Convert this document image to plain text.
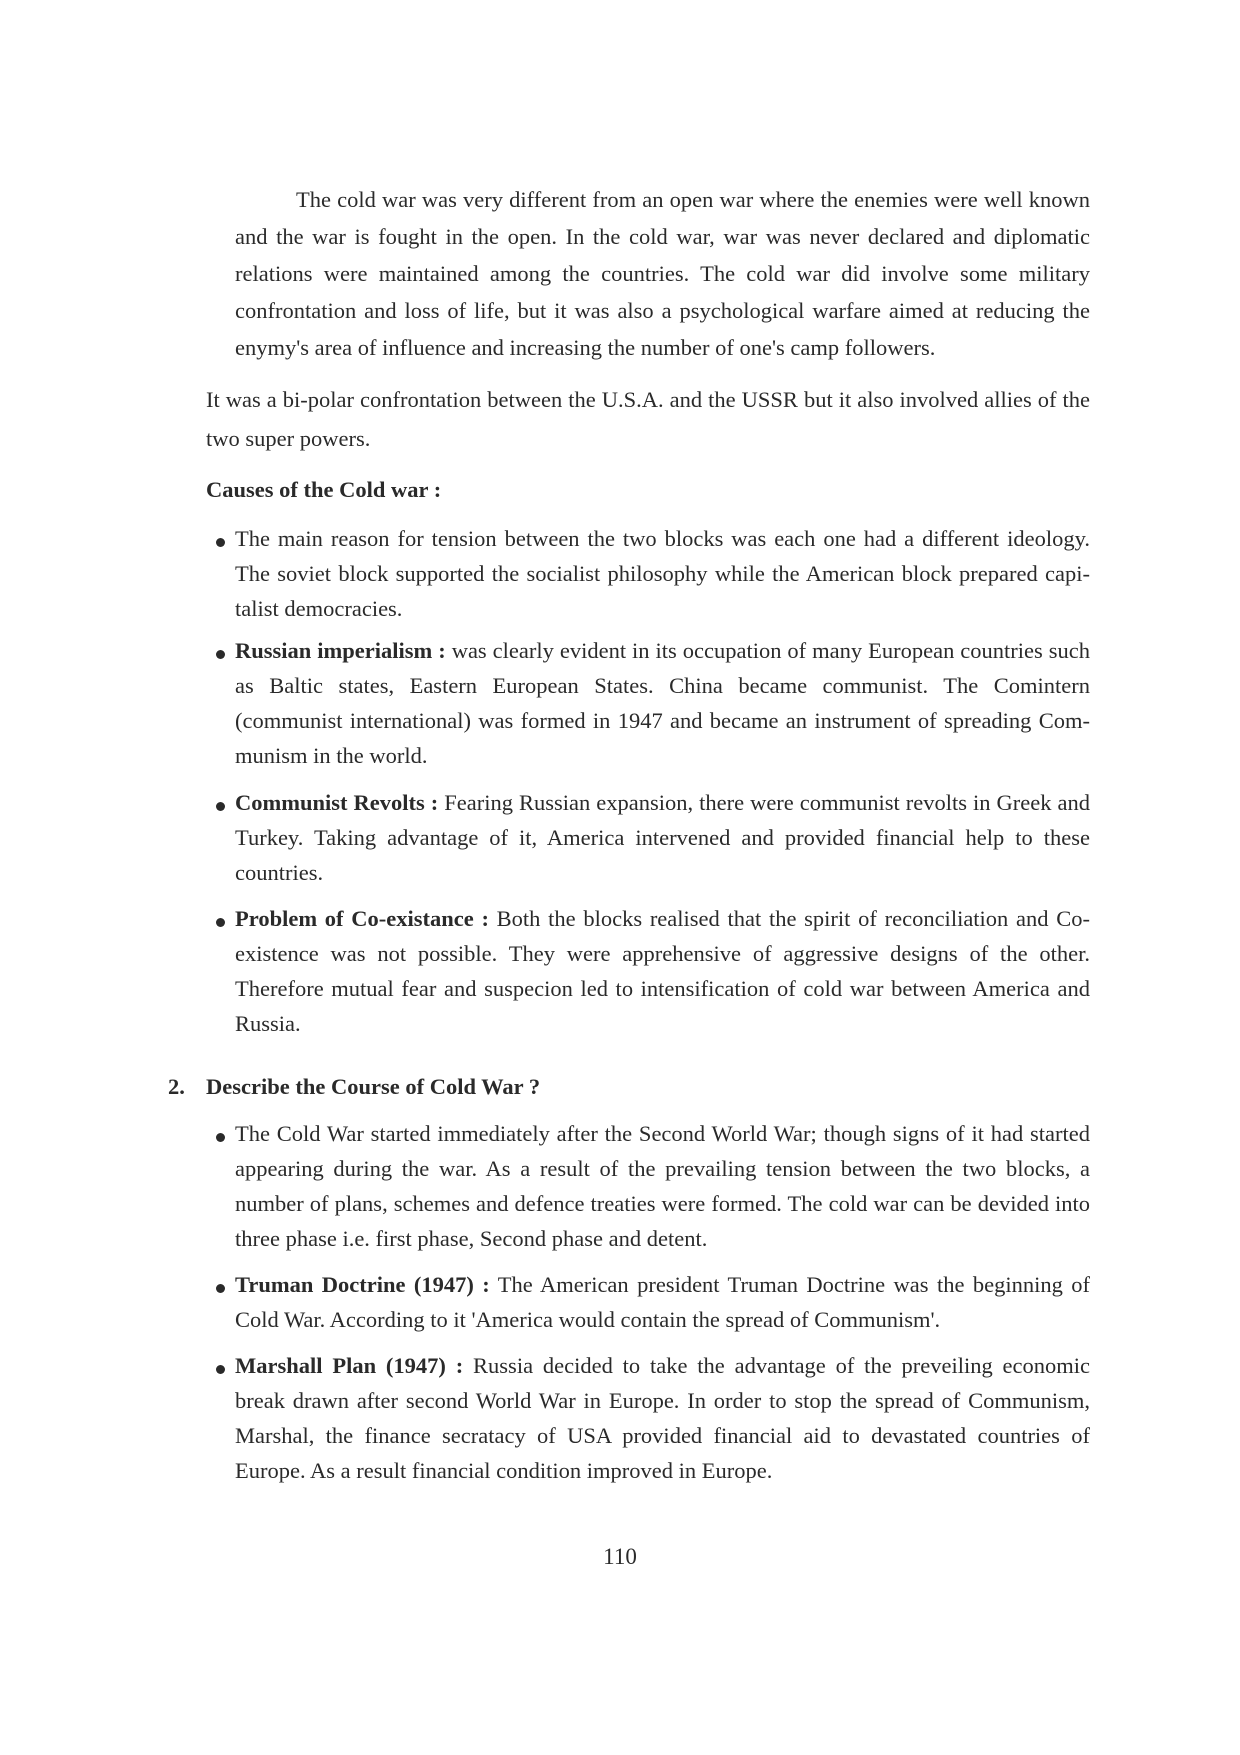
The cold war was very different from an open war where the enemies were well known and the war is fought in the open. In the cold war, war was never declared and diplomatic relations were maintained among the countries. The cold war did involve some military confrontation and loss of life, but it was also a psychological warfare aimed at reducing the enymy's area of influence and increasing the number of one's camp followers.

It was a bi-polar confrontation between the U.S.A. and the USSR but it also involved allies of the two super powers.

Causes of the Cold war :
The main reason for tension between the two blocks was each one had a different ideology. The soviet block supported the socialist philosophy while the American block prepared capi-talist democracies.
Russian imperialism : was clearly evident in its occupation of many European countries such as Baltic states, Eastern European States. China became communist. The Comintern (communist international) was formed in 1947 and became an instrument of spreading Com-munism in the world.
Communist Revolts : Fearing Russian expansion, there were communist revolts in Greek and Turkey. Taking advantage of it, America intervened and provided financial help to these countries.
Problem of Co-existance : Both the blocks realised that the spirit of reconciliation and Co-existence was not possible. They were apprehensive of aggressive designs of the other. Therefore mutual fear and suspecion led to intensification of cold war between America and Russia.
2. Describe the Course of Cold War ?
The Cold War started immediately after the Second World War; though signs of it had started appearing during the war. As a result of the prevailing tension between the two blocks, a number of plans, schemes and defence treaties were formed. The cold war can be devided into three phase i.e. first phase, Second phase and detent.
Truman Doctrine (1947) : The American president Truman Doctrine was the beginning of Cold War. According to it 'America would contain the spread of Communism'.
Marshall Plan (1947) : Russia decided to take the advantage of the preveiling economic break drawn after second World War in Europe. In order to stop the spread of Communism, Marshal, the finance secratacy of USA provided financial aid to devastated countries of Europe. As a result financial condition improved in Europe.

110
